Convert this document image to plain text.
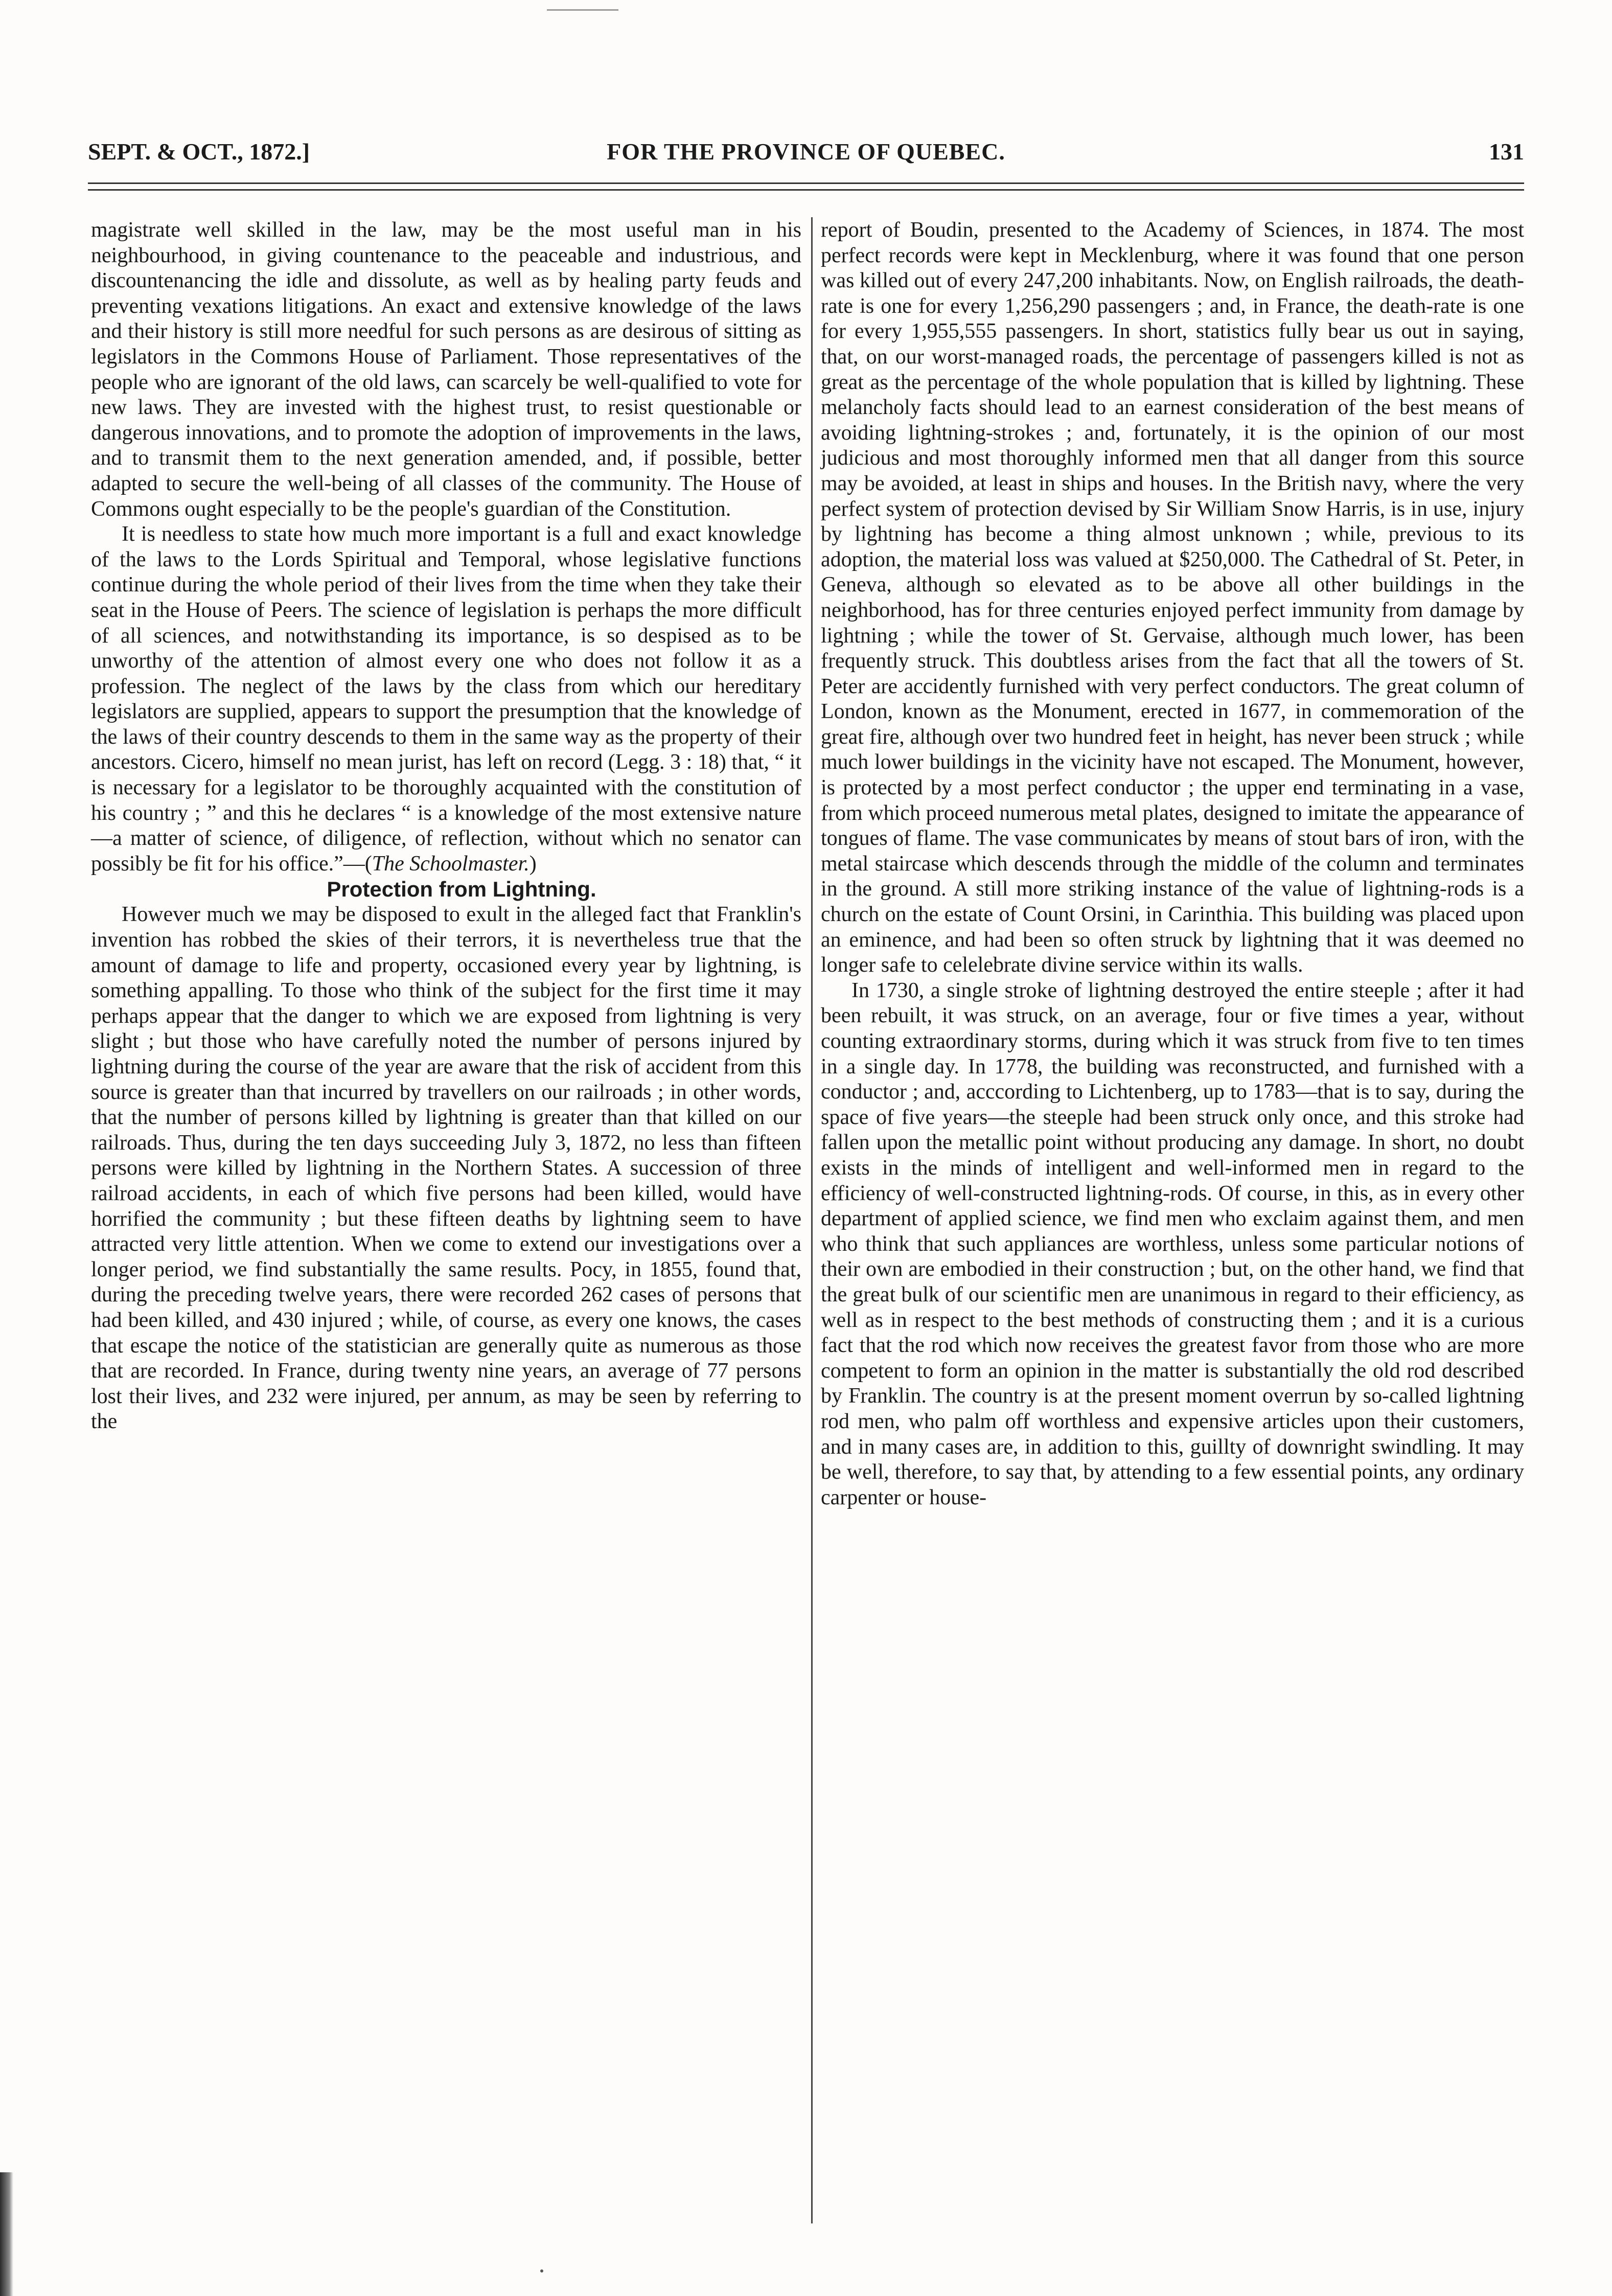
SEPT. & OCT., 1872.]	FOR THE PROVINCE OF QUEBEC.	131

magistrate well skilled in the law, may be the most useful man in his neighbourhood, in giving countenance to the peaceable and industrious, and discountenancing the idle and dissolute, as well as by healing party feuds and preventing vexations litigations. An exact and extensive knowledge of the laws and their history is still more needful for such persons as are desirous of sitting as legislators in the Commons House of Parliament. Those representatives of the people who are ignorant of the old laws, can scarcely be well-qualified to vote for new laws. They are invested with the highest trust, to resist questionable or dangerous innovations, and to promote the adoption of improvements in the laws, and to transmit them to the next generation amended, and, if possible, better adapted to secure the well-being of all classes of the community. The House of Commons ought especially to be the people's guardian of the Constitution.

It is needless to state how much more important is a full and exact knowledge of the laws to the Lords Spiritual and Temporal, whose legislative functions continue during the whole period of their lives from the time when they take their seat in the House of Peers. The science of legislation is perhaps the more difficult of all sciences, and notwithstanding its importance, is so despised as to be unworthy of the attention of almost every one who does not follow it as a profession. The neglect of the laws by the class from which our hereditary legislators are supplied, appears to support the presumption that the knowledge of the laws of their country descends to them in the same way as the property of their ancestors. Cicero, himself no mean jurist, has left on record (Legg. 3 : 18) that, “ it is necessary for a legislator to be thoroughly acquainted with the constitution of his country ; ” and this he declares “ is a knowledge of the most extensive nature—a matter of science, of diligence, of reflection, without which no senator can possibly be fit for his office.”—(The Schoolmaster.)

Protection from Lightning.

However much we may be disposed to exult in the alleged fact that Franklin's invention has robbed the skies of their terrors, it is nevertheless true that the amount of damage to life and property, occasioned every year by lightning, is something appalling. To those who think of the subject for the first time it may perhaps appear that the danger to which we are exposed from lightning is very slight ; but those who have carefully noted the number of persons injured by lightning during the course of the year are aware that the risk of accident from this source is greater than that incurred by travellers on our railroads ; in other words, that the number of persons killed by lightning is greater than that killed on our railroads. Thus, during the ten days succeeding July 3, 1872, no less than fifteen persons were killed by lightning in the Northern States. A succession of three railroad accidents, in each of which five persons had been killed, would have horrified the community ; but these fifteen deaths by lightning seem to have attracted very little attention. When we come to extend our investigations over a longer period, we find substantially the same results. Pocy, in 1855, found that, during the preceding twelve years, there were recorded 262 cases of persons that had been killed, and 430 injured ; while, of course, as every one knows, the cases that escape the notice of the statistician are generally quite as numerous as those that are recorded. In France, during twenty nine years, an average of 77 persons lost their lives, and 232 were injured, per annum, as may be seen by referring to the

report of Boudin, presented to the Academy of Sciences, in 1874. The most perfect records were kept in Mecklenburg, where it was found that one person was killed out of every 247,200 inhabitants. Now, on English railroads, the death-rate is one for every 1,256,290 passengers ; and, in France, the death-rate is one for every 1,955,555 passengers. In short, statistics fully bear us out in saying, that, on our worst-managed roads, the percentage of passengers killed is not as great as the percentage of the whole population that is killed by lightning. These melancholy facts should lead to an earnest consideration of the best means of avoiding lightning-strokes ; and, fortunately, it is the opinion of our most judicious and most thoroughly informed men that all danger from this source may be avoided, at least in ships and houses. In the British navy, where the very perfect system of protection devised by Sir William Snow Harris, is in use, injury by lightning has become a thing almost unknown ; while, previous to its adoption, the material loss was valued at $250,000. The Cathedral of St. Peter, in Geneva, although so elevated as to be above all other buildings in the neighborhood, has for three centuries enjoyed perfect immunity from damage by lightning ; while the tower of St. Gervaise, although much lower, has been frequently struck. This doubtless arises from the fact that all the towers of St. Peter are accidently furnished with very perfect conductors. The great column of London, known as the Monument, erected in 1677, in commemoration of the great fire, although over two hundred feet in height, has never been struck ; while much lower buildings in the vicinity have not escaped. The Monument, however, is protected by a most perfect conductor ; the upper end terminating in a vase, from which proceed numerous metal plates, designed to imitate the appearance of tongues of flame. The vase communicates by means of stout bars of iron, with the metal staircase which descends through the middle of the column and terminates in the ground. A still more striking instance of the value of lightning-rods is a church on the estate of Count Orsini, in Carinthia. This building was placed upon an eminence, and had been so often struck by lightning that it was deemed no longer safe to celelebrate divine service within its walls.

In 1730, a single stroke of lightning destroyed the entire steeple ; after it had been rebuilt, it was struck, on an average, four or five times a year, without counting extraordinary storms, during which it was struck from five to ten times in a single day. In 1778, the building was reconstructed, and furnished with a conductor ; and, acccording to Lichtenberg, up to 1783—that is to say, during the space of five years—the steeple had been struck only once, and this stroke had fallen upon the metallic point without producing any damage. In short, no doubt exists in the minds of intelligent and well-informed men in regard to the efficiency of well-constructed lightning-rods. Of course, in this, as in every other department of applied science, we find men who exclaim against them, and men who think that such appliances are worthless, unless some particular notions of their own are embodied in their construction ; but, on the other hand, we find that the great bulk of our scientific men are unanimous in regard to their efficiency, as well as in respect to the best methods of constructing them ; and it is a curious fact that the rod which now receives the greatest favor from those who are more competent to form an opinion in the matter is substantially the old rod described by Franklin. The country is at the present moment overrun by so-called lightning rod men, who palm off worthless and expensive articles upon their customers, and in many cases are, in addition to this, guillty of downright swindling. It may be well, therefore, to say that, by attending to a few essential points, any ordinary carpenter or house-
